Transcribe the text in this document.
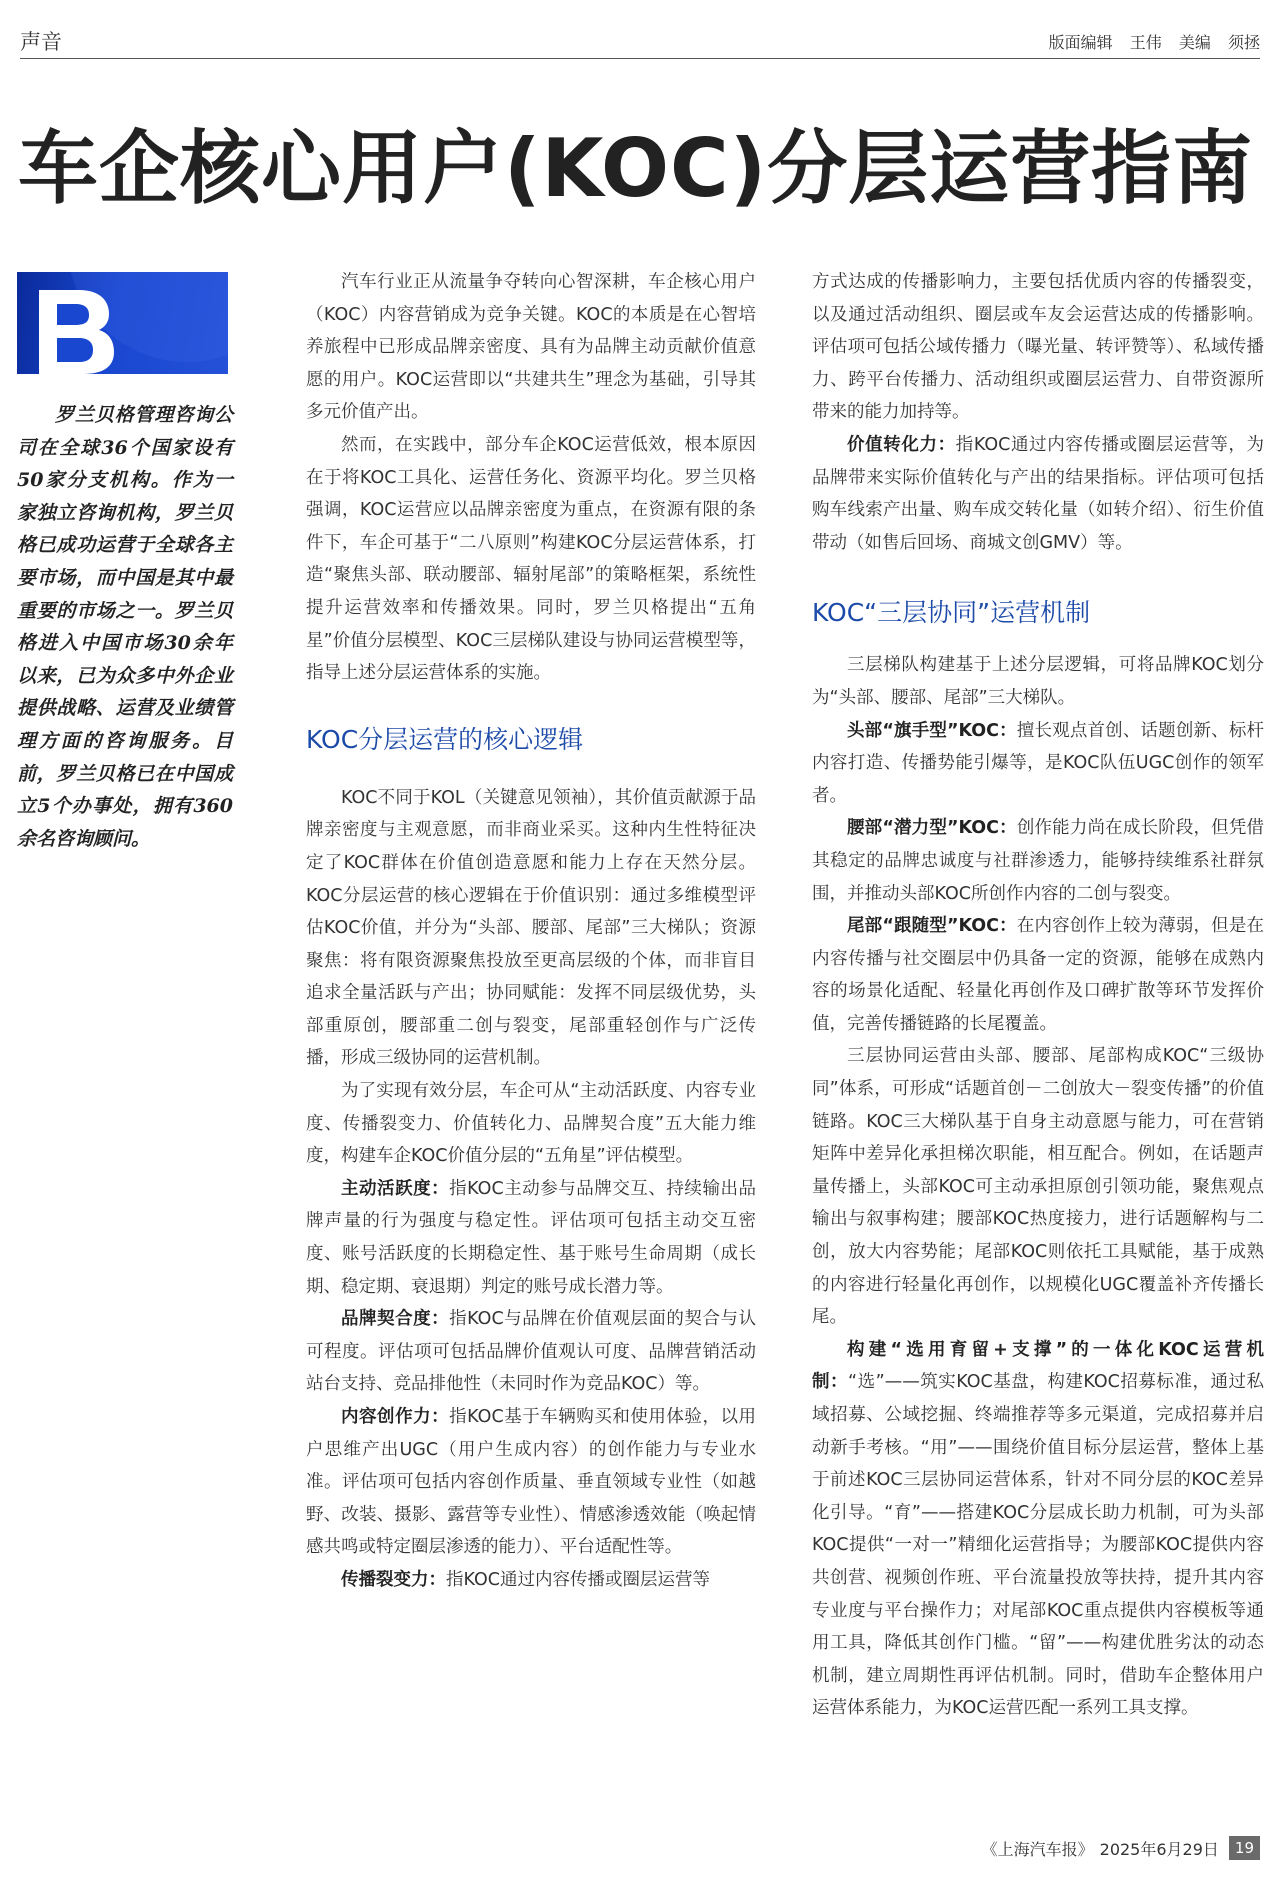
声音	版面编辑 王伟 美编 须拯
车企核心用户(KOC)分层运营指南

罗兰贝格管理咨询公司在全球36个国家设有50家分支机构。作为一家独立咨询机构，罗兰贝格已成功运营于全球各主要市场，而中国是其中最重要的市场之一。罗兰贝格进入中国市场30余年以来，已为众多中外企业提供战略、运营及业绩管理方面的咨询服务。目前，罗兰贝格已在中国成立5个办事处，拥有360余名咨询顾问。

汽车行业正从流量争夺转向心智深耕，车企核心用户（KOC）内容营销成为竞争关键。KOC的本质是在心智培养旅程中已形成品牌亲密度、具有为品牌主动贡献价值意愿的用户。KOC运营即以“共建共生”理念为基础，引导其多元价值产出。

然而，在实践中，部分车企KOC运营低效，根本原因在于将KOC工具化、运营任务化、资源平均化。罗兰贝格强调，KOC运营应以品牌亲密度为重点，在资源有限的条件下，车企可基于“二八原则”构建KOC分层运营体系，打造“聚焦头部、联动腰部、辐射尾部”的策略框架，系统性提升运营效率和传播效果。同时，罗兰贝格提出“五角星”价值分层模型、KOC三层梯队建设与协同运营模型等，指导上述分层运营体系的实施。

KOC分层运营的核心逻辑

KOC不同于KOL（关键意见领袖），其价值贡献源于品牌亲密度与主观意愿，而非商业采买。这种内生性特征决定了KOC群体在价值创造意愿和能力上存在天然分层。KOC分层运营的核心逻辑在于价值识别：通过多维模型评估KOC价值，并分为“头部、腰部、尾部”三大梯队；资源聚焦：将有限资源聚焦投放至更高层级的个体，而非盲目追求全量活跃与产出；协同赋能：发挥不同层级优势，头部重原创，腰部重二创与裂变，尾部重轻创作与广泛传播，形成三级协同的运营机制。

为了实现有效分层，车企可从“主动活跃度、内容专业度、传播裂变力、价值转化力、品牌契合度”五大能力维度，构建车企KOC价值分层的“五角星”评估模型。

主动活跃度：指KOC主动参与品牌交互、持续输出品牌声量的行为强度与稳定性。评估项可包括主动交互密度、账号活跃度的长期稳定性、基于账号生命周期（成长期、稳定期、衰退期）判定的账号成长潜力等。

品牌契合度：指KOC与品牌在价值观层面的契合与认可程度。评估项可包括品牌价值观认可度、品牌营销活动站台支持、竞品排他性（未同时作为竞品KOC）等。

内容创作力：指KOC基于车辆购买和使用体验，以用户思维产出UGC（用户生成内容）的创作能力与专业水准。评估项可包括内容创作质量、垂直领域专业性（如越野、改装、摄影、露营等专业性）、情感渗透效能（唤起情感共鸣或特定圈层渗透的能力）、平台适配性等。

传播裂变力：指KOC通过内容传播或圈层运营等

方式达成的传播影响力，主要包括优质内容的传播裂变，以及通过活动组织、圈层或车友会运营达成的传播影响。评估项可包括公域传播力（曝光量、转评赞等）、私域传播力、跨平台传播力、活动组织或圈层运营力、自带资源所带来的能力加持等。

价值转化力：指KOC通过内容传播或圈层运营等，为品牌带来实际价值转化与产出的结果指标。评估项可包括购车线索产出量、购车成交转化量（如转介绍）、衍生价值带动（如售后回场、商城文创GMV）等。

KOC“三层协同”运营机制

三层梯队构建基于上述分层逻辑，可将品牌KOC划分为“头部、腰部、尾部”三大梯队。

头部“旗手型”KOC：擅长观点首创、话题创新、标杆内容打造、传播势能引爆等，是KOC队伍UGC创作的领军者。

腰部“潜力型”KOC：创作能力尚在成长阶段，但凭借其稳定的品牌忠诚度与社群渗透力，能够持续维系社群氛围，并推动头部KOC所创作内容的二创与裂变。

尾部“跟随型”KOC：在内容创作上较为薄弱，但是在内容传播与社交圈层中仍具备一定的资源，能够在成熟内容的场景化适配、轻量化再创作及口碑扩散等环节发挥价值，完善传播链路的长尾覆盖。

三层协同运营由头部、腰部、尾部构成KOC“三级协同”体系，可形成“话题首创－二创放大－裂变传播”的价值链路。KOC三大梯队基于自身主动意愿与能力，可在营销矩阵中差异化承担梯次职能，相互配合。例如，在话题声量传播上，头部KOC可主动承担原创引领功能，聚焦观点输出与叙事构建；腰部KOC热度接力，进行话题解构与二创，放大内容势能；尾部KOC则依托工具赋能，基于成熟的内容进行轻量化再创作，以规模化UGC覆盖补齐传播长尾。

构建“选用育留+支撑”的一体化KOC运营机制：“选”——筑实KOC基盘，构建KOC招募标准，通过私域招募、公域挖掘、终端推荐等多元渠道，完成招募并启动新手考核。“用”——围绕价值目标分层运营，整体上基于前述KOC三层协同运营体系，针对不同分层的KOC差异化引导。“育”——搭建KOC分层成长助力机制，可为头部KOC提供“一对一”精细化运营指导；为腰部KOC提供内容共创营、视频创作班、平台流量投放等扶持，提升其内容专业度与平台操作力；对尾部KOC重点提供内容模板等通用工具，降低其创作门槛。“留”——构建优胜劣汰的动态机制，建立周期性再评估机制。同时，借助车企整体用户运营体系能力，为KOC运营匹配一系列工具支撑。

《上海汽车报》 2025年6月29日	19
